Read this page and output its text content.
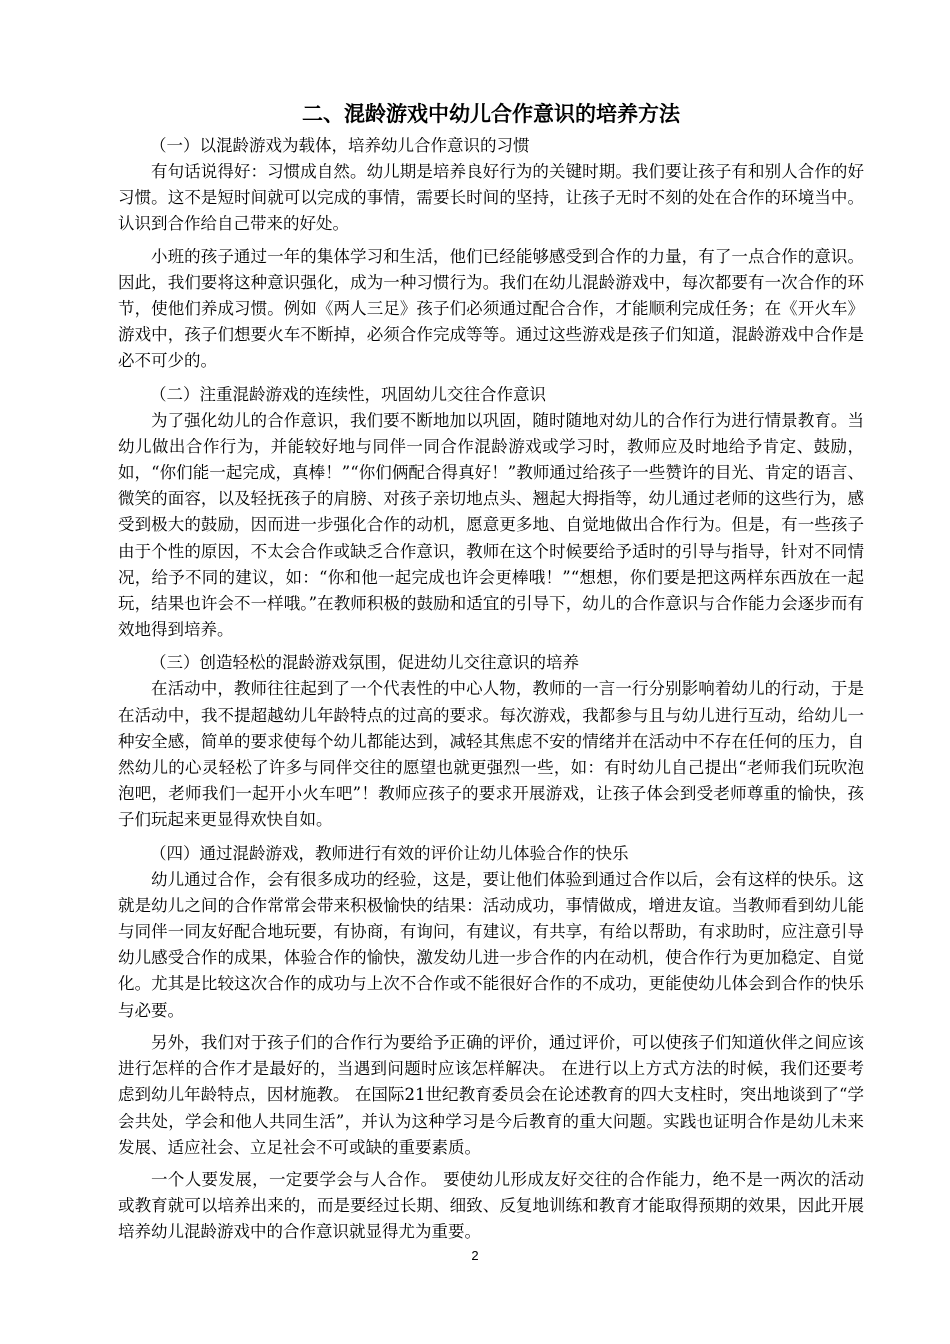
二、混龄游戏中幼儿合作意识的培养方法

（一）以混龄游戏为载体，培养幼儿合作意识的习惯

有句话说得好：习惯成自然。幼儿期是培养良好行为的关键时期。我们要让孩子有和别人合作的好习惯。这不是短时间就可以完成的事情，需要长时间的坚持，让孩子无时不刻的处在合作的环境当中。认识到合作给自己带来的好处。

小班的孩子通过一年的集体学习和生活，他们已经能够感受到合作的力量，有了一点合作的意识。因此，我们要将这种意识强化，成为一种习惯行为。我们在幼儿混龄游戏中，每次都要有一次合作的环节，使他们养成习惯。例如《两人三足》孩子们必须通过配合合作，才能顺利完成任务；在《开火车》游戏中，孩子们想要火车不断掉，必须合作完成等等。通过这些游戏是孩子们知道，混龄游戏中合作是必不可少的。

（二）注重混龄游戏的连续性，巩固幼儿交往合作意识

为了强化幼儿的合作意识，我们要不断地加以巩固，随时随地对幼儿的合作行为进行情景教育。当幼儿做出合作行为，并能较好地与同伴一同合作混龄游戏或学习时，教师应及时地给予肯定、鼓励，如，“你们能一起完成，真棒！”“你们俩配合得真好！”教师通过给孩子一些赞许的目光、肯定的语言、微笑的面容，以及轻抚孩子的肩膀、对孩子亲切地点头、翘起大拇指等，幼儿通过老师的这些行为，感受到极大的鼓励，因而进一步强化合作的动机，愿意更多地、自觉地做出合作行为。但是，有一些孩子由于个性的原因，不太会合作或缺乏合作意识，教师在这个时候要给予适时的引导与指导，针对不同情况，给予不同的建议，如：“你和他一起完成也许会更棒哦！”“想想，你们要是把这两样东西放在一起玩，结果也许会不一样哦。”在教师积极的鼓励和适宜的引导下，幼儿的合作意识与合作能力会逐步而有效地得到培养。

（三）创造轻松的混龄游戏氛围，促进幼儿交往意识的培养

在活动中，教师往往起到了一个代表性的中心人物，教师的一言一行分别影响着幼儿的行动，于是在活动中，我不提超越幼儿年龄特点的过高的要求。每次游戏，我都参与且与幼儿进行互动，给幼儿一种安全感，简单的要求使每个幼儿都能达到，减轻其焦虑不安的情绪并在活动中不存在任何的压力，自然幼儿的心灵轻松了许多与同伴交往的愿望也就更强烈一些，如：有时幼儿自己提出“老师我们玩吹泡泡吧，老师我们一起开小火车吧”！教师应孩子的要求开展游戏，让孩子体会到受老师尊重的愉快，孩子们玩起来更显得欢快自如。

（四）通过混龄游戏，教师进行有效的评价让幼儿体验合作的快乐

幼儿通过合作，会有很多成功的经验，这是，要让他们体验到通过合作以后，会有这样的快乐。这就是幼儿之间的合作常常会带来积极愉快的结果：活动成功，事情做成，增进友谊。当教师看到幼儿能与同伴一同友好配合地玩要，有协商，有询问，有建议，有共享，有给以帮助，有求助时，应注意引导幼儿感受合作的成果，体验合作的愉快，激发幼儿进一步合作的内在动机，使合作行为更加稳定、自觉化。尤其是比较这次合作的成功与上次不合作或不能很好合作的不成功，更能使幼儿体会到合作的快乐与必要。

另外，我们对于孩子们的合作行为要给予正确的评价，通过评价，可以使孩子们知道伙伴之间应该进行怎样的合作才是最好的，当遇到问题时应该怎样解决。 在进行以上方式方法的时候，我们还要考虑到幼儿年龄特点，因材施教。 在国际21世纪教育委员会在论述教育的四大支柱时，突出地谈到了“学会共处，学会和他人共同生活”，并认为这种学习是今后教育的重大问题。实践也证明合作是幼儿未来发展、适应社会、立足社会不可或缺的重要素质。

一个人要发展，一定要学会与人合作。 要使幼儿形成友好交往的合作能力，绝不是一两次的活动或教育就可以培养出来的，而是要经过长期、细致、反复地训练和教育才能取得预期的效果，因此开展培养幼儿混龄游戏中的合作意识就显得尤为重要。

2
